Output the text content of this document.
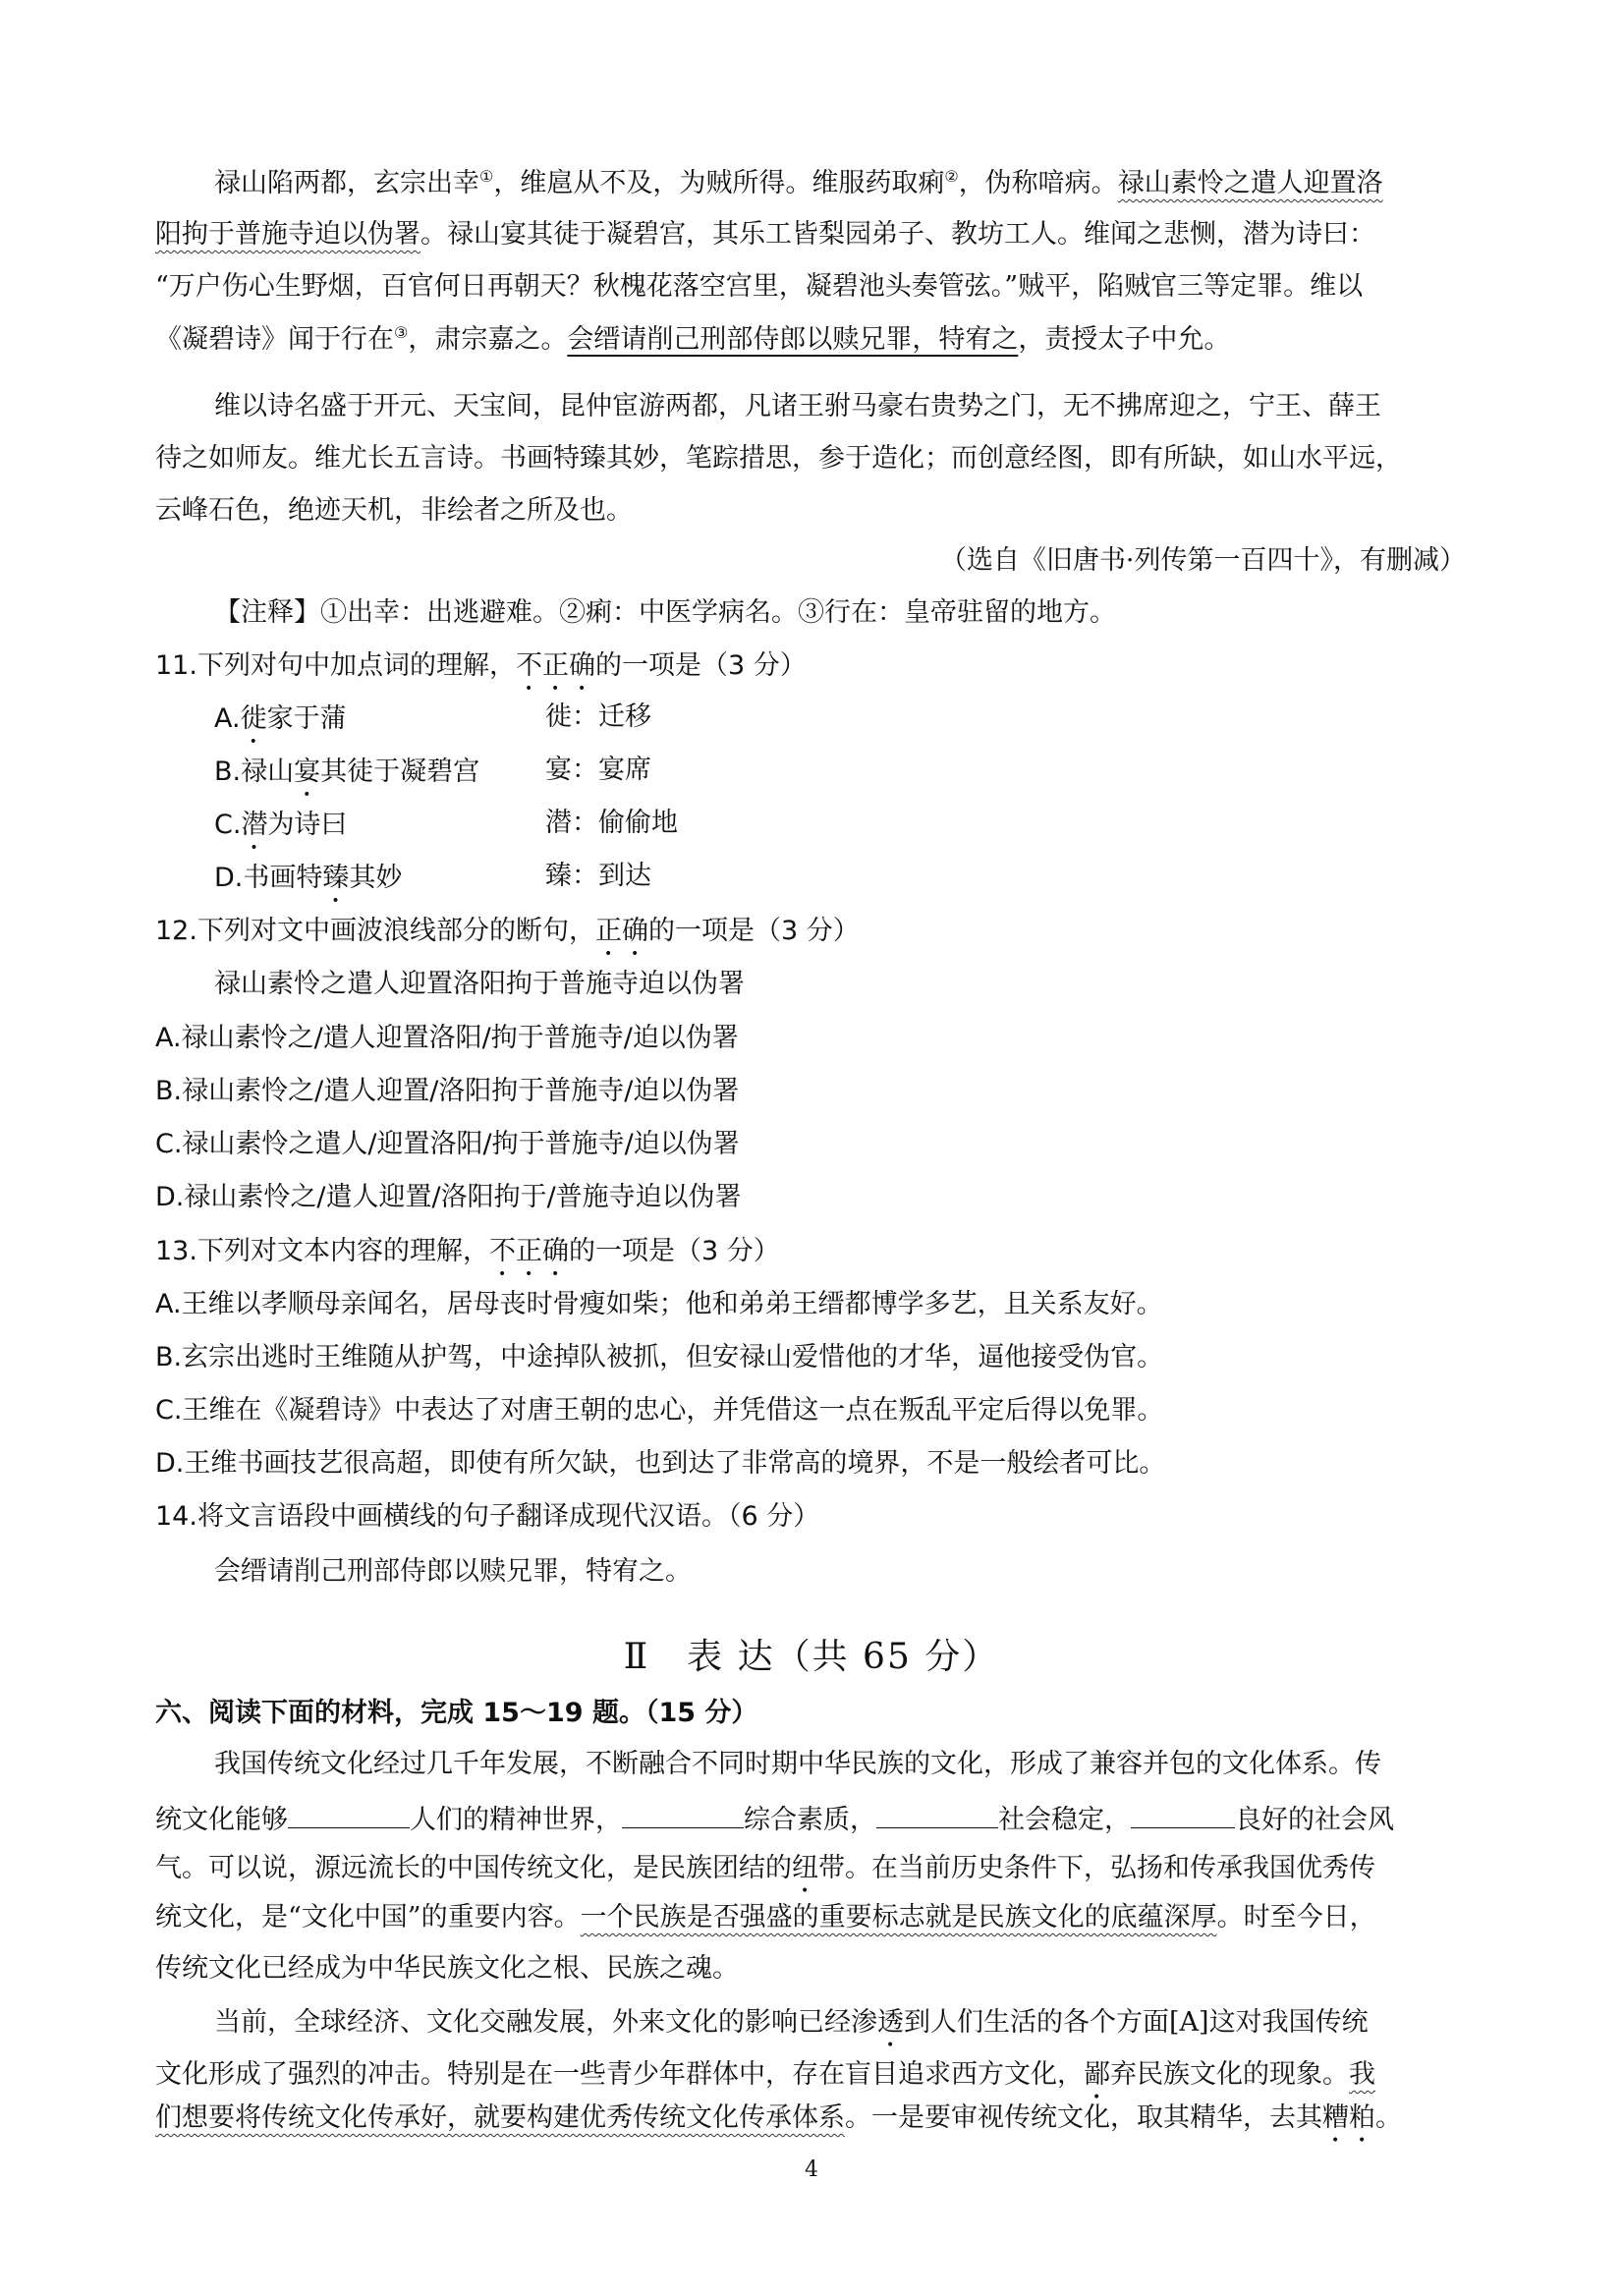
禄山陷两都，玄宗出幸①，维扈从不及，为贼所得。维服药取痢②，伪称喑病。禄山素怜之遣人迎置洛
阳拘于普施寺迫以伪署。禄山宴其徒于凝碧宫，其乐工皆梨园弟子、教坊工人。维闻之悲恻，潜为诗曰：
“万户伤心生野烟，百官何日再朝天？秋槐花落空宫里，凝碧池头奏管弦。”贼平，陷贼官三等定罪。维以
《凝碧诗》闻于行在③，肃宗嘉之。会缙请削己刑部侍郎以赎兄罪，特宥之，责授太子中允。
维以诗名盛于开元、天宝间，昆仲宦游两都，凡诸王驸马豪右贵势之门，无不拂席迎之，宁王、薛王
待之如师友。维尤长五言诗。书画特臻其妙，笔踪措思，参于造化；而创意经图，即有所缺，如山水平远，
云峰石色，绝迹天机，非绘者之所及也。
（选自《旧唐书·列传第一百四十》，有删减）
【注释】①出幸：出逃避难。②痢：中医学病名。③行在：皇帝驻留的地方。
11.下列对句中加点词的理解，不正确的一项是（3 分）
A.徙家于蒲	徙：迁移
B.禄山宴其徒于凝碧宫 宴：宴席
C.潜为诗曰	潜：偷偷地
D.书画特臻其妙	臻：到达
12.下列对文中画波浪线部分的断句，正确的一项是（3 分）
禄山素怜之遣人迎置洛阳拘于普施寺迫以伪署
A.禄山素怜之/遣人迎置洛阳/拘于普施寺/迫以伪署
B.禄山素怜之/遣人迎置/洛阳拘于普施寺/迫以伪署
C.禄山素怜之遣人/迎置洛阳/拘于普施寺/迫以伪署
D.禄山素怜之/遣人迎置/洛阳拘于/普施寺迫以伪署
13.下列对文本内容的理解，不正确的一项是（3 分）
A.王维以孝顺母亲闻名，居母丧时骨瘦如柴；他和弟弟王缙都博学多艺，且关系友好。
B.玄宗出逃时王维随从护驾，中途掉队被抓，但安禄山爱惜他的才华，逼他接受伪官。
C.王维在《凝碧诗》中表达了对唐王朝的忠心，并凭借这一点在叛乱平定后得以免罪。
D.王维书画技艺很高超，即使有所欠缺，也到达了非常高的境界，不是一般绘者可比。
14.将文言语段中画横线的句子翻译成现代汉语。（6 分）
会缙请削己刑部侍郎以赎兄罪，特宥之。
Ⅱ　表 达（共 65 分）
六、阅读下面的材料，完成 15～19 题。（15 分）
我国传统文化经过几千年发展，不断融合不同时期中华民族的文化，形成了兼容并包的文化体系。传
统文化能够	人们的精神世界，	综合素质，	社会稳定，	良好的社会风
气。可以说，源远流长的中国传统文化，是民族团结的纽带。在当前历史条件下，弘扬和传承我国优秀传
统文化，是“文化中国”的重要内容。一个民族是否强盛的重要标志就是民族文化的底蕴深厚。时至今日，
传统文化已经成为中华民族文化之根、民族之魂。
当前，全球经济、文化交融发展，外来文化的影响已经渗透到人们生活的各个方面[A]这对我国传统
文化形成了强烈的冲击。特别是在一些青少年群体中，存在盲目追求西方文化，鄙弃民族文化的现象。我
们想要将传统文化传承好，就要构建优秀传统文化传承体系。一是要审视传统文化，取其精华，去其糟粕。
4
